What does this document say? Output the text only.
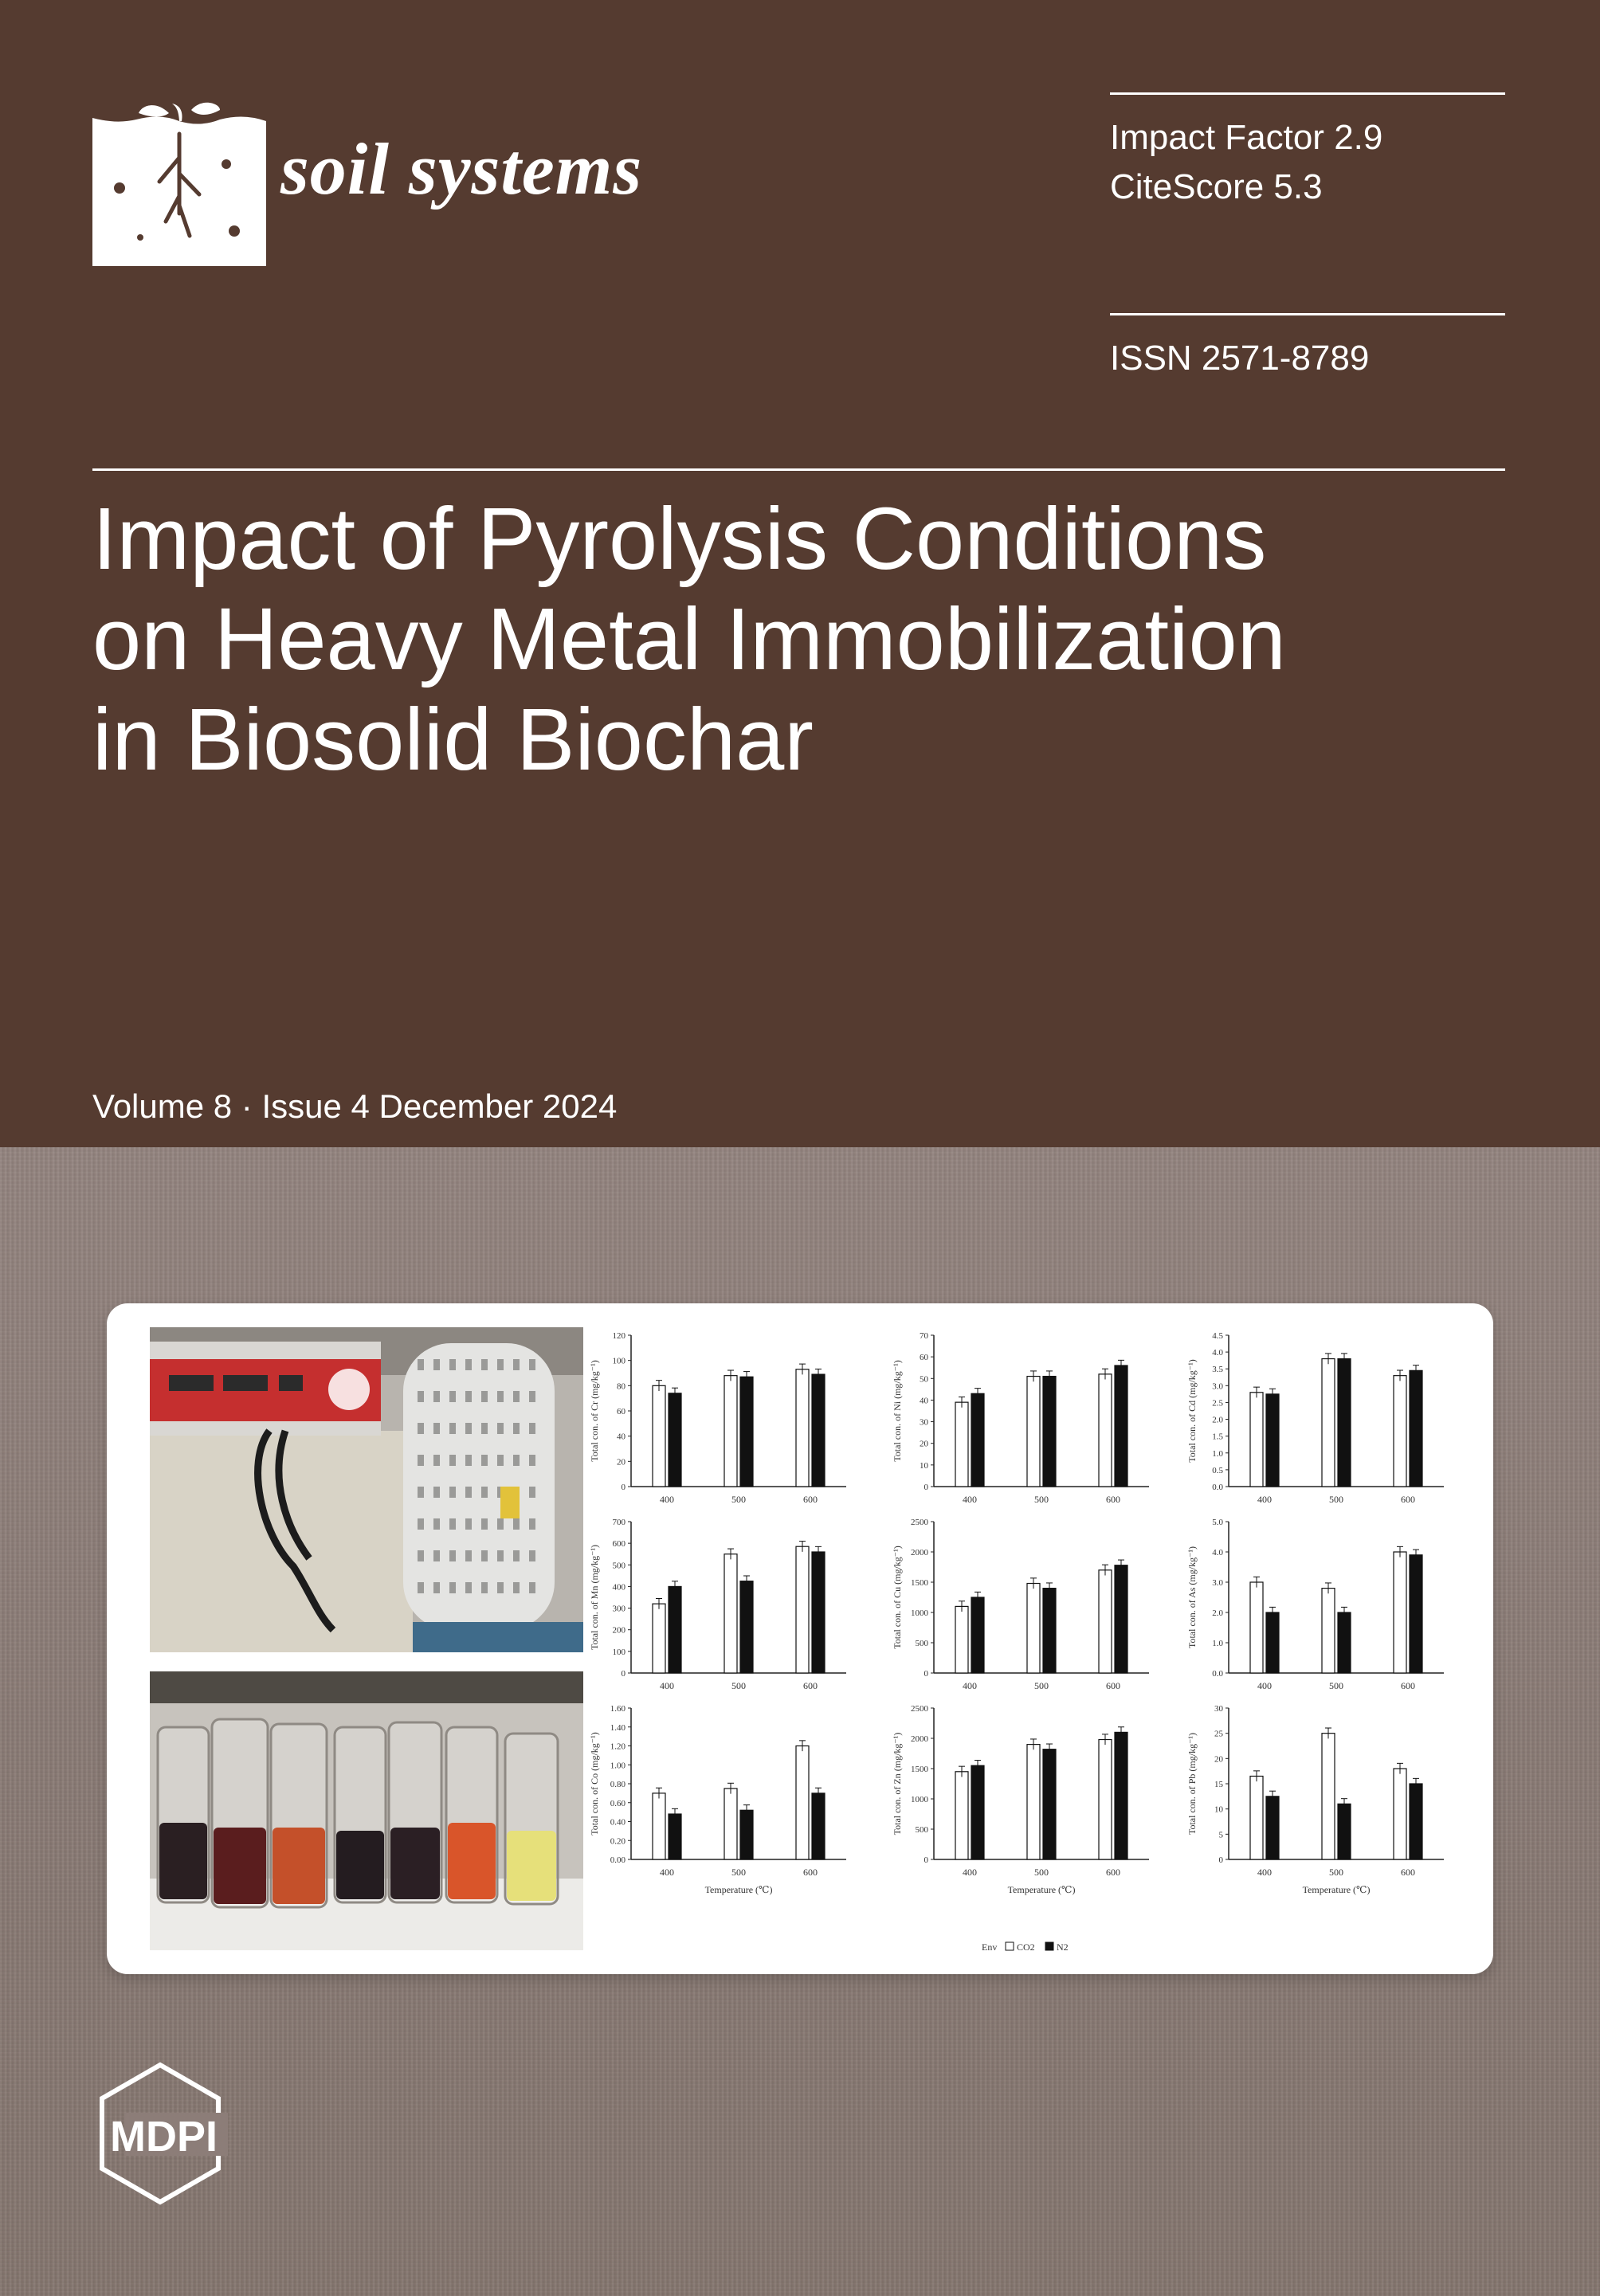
soil systems	Impact Factor 2.9
CiteScore 5.3
ISSN 2571-8789
Impact of Pyrolysis Conditions
on Heavy Metal Immobilization
in Biosolid Biochar
Volume 8 · Issue 4 December 2024
0
20
40
60
80
100
120
400	500	600
Total con. of Cr (mg/kg⁻¹)
0
10
20
30
40
50
60
70
400	500	600
Total con. of Ni (mg/kg⁻¹)
0.0
0.5
1.0
1.5
2.0
2.5
3.0
3.5
4.0
4.5
400	500	600
Total con. of Cd (mg/kg⁻¹)
0
100
200
300
400
500
600
700
400	500	600
Total con. of Mn (mg/kg⁻¹)
0
500
1000
1500
2000
2500
400	500	600
Total con. of Cu (mg/kg⁻¹)
0.0
1.0
2.0
3.0
4.0
5.0
400	500	600
Total con. of As (mg/kg⁻¹)
0.00
0.20
0.40
0.60
0.80
1.00
1.20
1.40
1.60
400	500	600
Total con. of Co (mg/kg⁻¹)
Temperature (℃)
0
500
1000
1500
2000
2500
400	500	600
Total con. of Zn (mg/kg⁻¹)
Temperature (℃)
0
5
10
15
20
25
30
400	500	600
Total con. of Pb (mg/kg⁻¹)
Temperature (℃)
Env CO2 N2
MDPI
